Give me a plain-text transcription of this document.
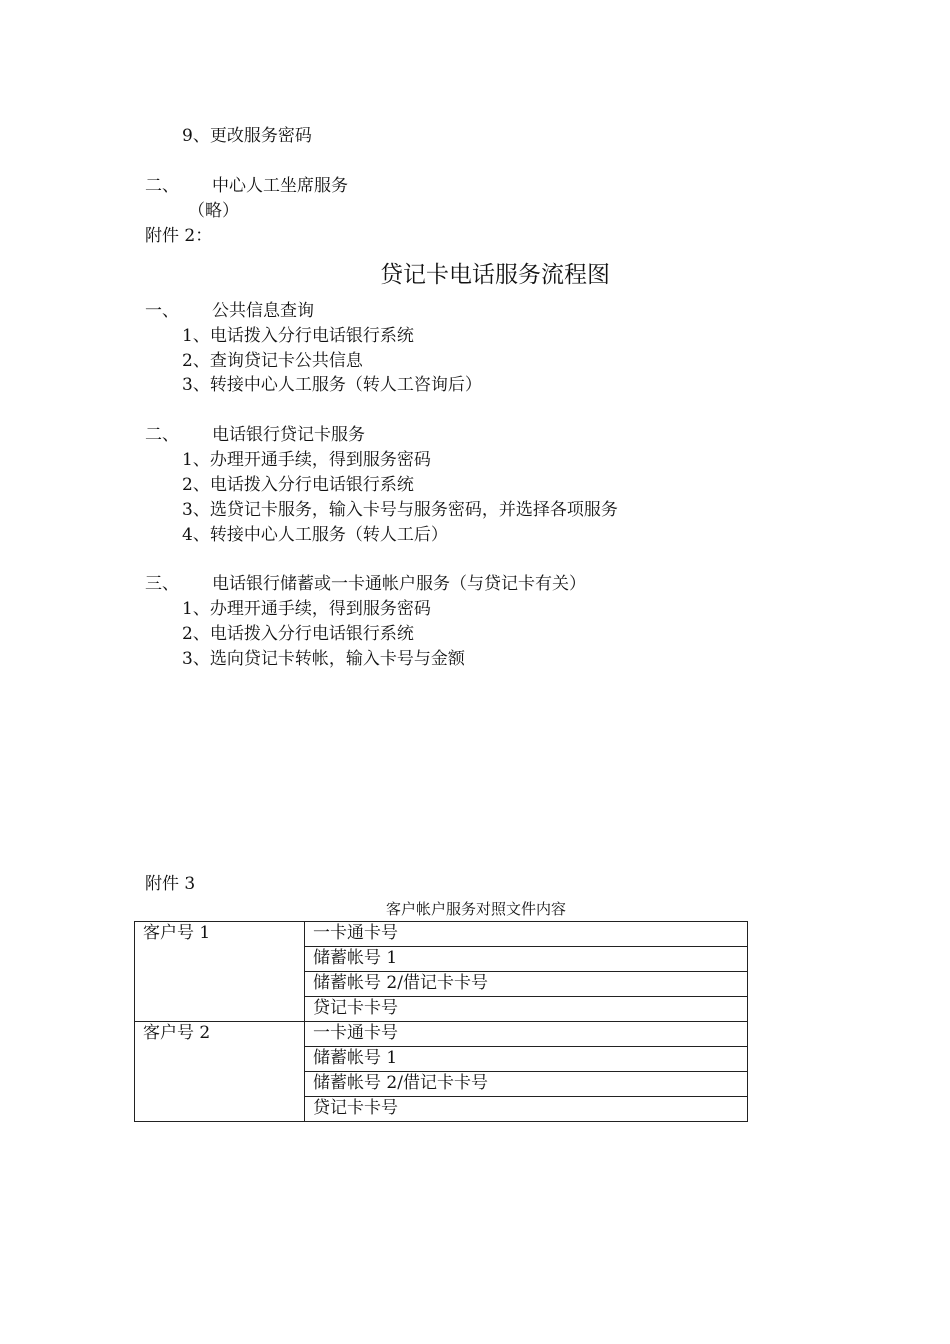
9、更改服务密码
二、 中心人工坐席服务
（略）
附件 2：
贷记卡电话服务流程图
一、 公共信息查询
1、电话拨入分行电话银行系统
2、查询贷记卡公共信息
3、转接中心人工服务（转人工咨询后）
二、 电话银行贷记卡服务
1、办理开通手续，得到服务密码
2、电话拨入分行电话银行系统
3、选贷记卡服务，输入卡号与服务密码，并选择各项服务
4、转接中心人工服务（转人工后）
三、 电话银行储蓄或一卡通帐户服务（与贷记卡有关）
1、办理开通手续，得到服务密码
2、电话拨入分行电话银行系统
3、选向贷记卡转帐，输入卡号与金额
附件 3
客户帐户服务对照文件内容
客户号 1	一卡通卡号
	储蓄帐号 1
	储蓄帐号 2/借记卡卡号
	贷记卡卡号
客户号 2	一卡通卡号
	储蓄帐号 1
	储蓄帐号 2/借记卡卡号
	贷记卡卡号
